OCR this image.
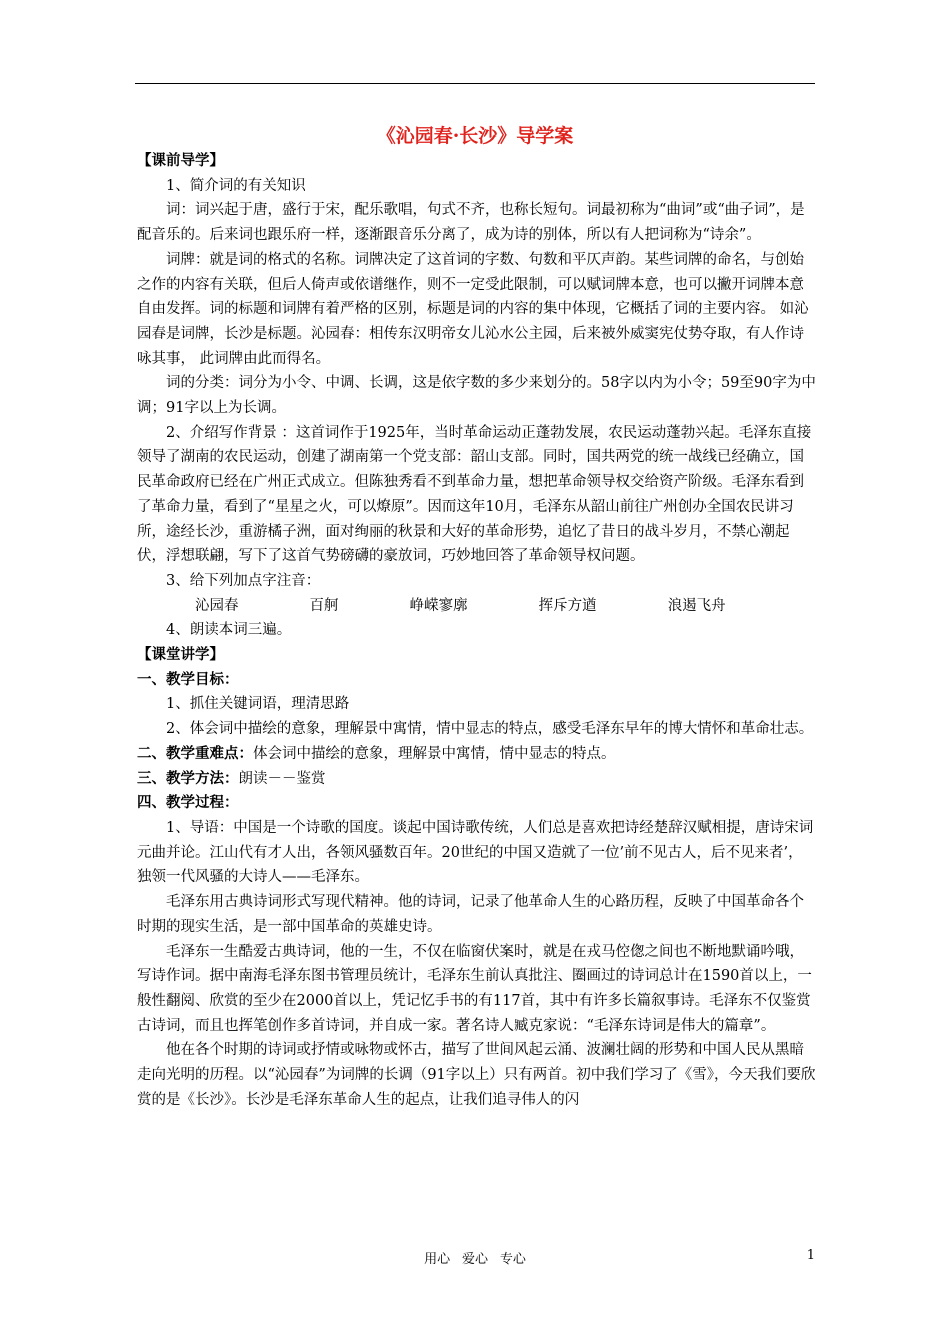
《沁园春·长沙》导学案

【课前导学】

1、简介词的有关知识

词：词兴起于唐，盛行于宋，配乐歌唱，句式不齐，也称长短句。词最初称为“曲词”或“曲子词”，是配音乐的。后来词也跟乐府一样，逐渐跟音乐分离了，成为诗的别体，所以有人把词称为“诗余”。

词牌：就是词的格式的名称。词牌决定了这首词的字数、句数和平仄声韵。某些词牌的命名，与创始之作的内容有关联，但后人倚声或依谱继作，则不一定受此限制，可以赋词牌本意，也可以撇开词牌本意自由发挥。词的标题和词牌有着严格的区别，标题是词的内容的集中体现，它概括了词的主要内容。 如沁园春是词牌，长沙是标题。沁园春：相传东汉明帝女儿沁水公主园，后来被外威窦宪仗势夺取，有人作诗咏其事， 此词牌由此而得名。

词的分类：词分为小令、中调、长调，这是依字数的多少来划分的。58字以内为小令；59至90字为中调；91字以上为长调。

2、介绍写作背景 ：这首词作于1925年，当时革命运动正蓬勃发展，农民运动蓬勃兴起。毛泽东直接领导了湖南的农民运动，创建了湖南第一个党支部：韶山支部。同时，国共两党的统一战线已经确立，国民革命政府已经在广州正式成立。但陈独秀看不到革命力量，想把革命领导权交给资产阶级。毛泽东看到了革命力量，看到了“星星之火，可以燎原”。因而这年10月，毛泽东从韶山前往广州创办全国农民讲习所，途经长沙，重游橘子洲，面对绚丽的秋景和大好的革命形势，追忆了昔日的战斗岁月，不禁心潮起伏，浮想联翩，写下了这首气势磅礴的豪放词，巧妙地回答了革命领导权问题。

3、给下列加点字注音：

沁园春	百舸	峥嵘寥廓	挥斥方遒	浪遏飞舟

4、朗读本词三遍。

【课堂讲学】

一、教学目标：

1、抓住关键词语，理清思路

2、体会词中描绘的意象，理解景中寓情，情中显志的特点，感受毛泽东早年的博大情怀和革命壮志。

二、教学重难点：体会词中描绘的意象，理解景中寓情，情中显志的特点。

三、教学方法：朗读－－鉴赏

四、教学过程：

1、导语：中国是一个诗歌的国度。谈起中国诗歌传统，人们总是喜欢把诗经楚辞汉赋相提，唐诗宋词元曲并论。江山代有才人出，各领风骚数百年。20世纪的中国又造就了一位’前不见古人，后不见来者’，独领一代风骚的大诗人——毛泽东。

毛泽东用古典诗词形式写现代精神。他的诗词，记录了他革命人生的心路历程，反映了中国革命各个时期的现实生活，是一部中国革命的英雄史诗。

毛泽东一生酷爱古典诗词，他的一生，不仅在临窗伏案时，就是在戎马倥偬之间也不断地默诵吟哦，写诗作词。据中南海毛泽东图书管理员统计，毛泽东生前认真批注、圈画过的诗词总计在1590首以上，一般性翻阅、欣赏的至少在2000首以上，凭记忆手书的有117首，其中有许多长篇叙事诗。毛泽东不仅鉴赏古诗词，而且也挥笔创作多首诗词，并自成一家。著名诗人臧克家说：“毛泽东诗词是伟大的篇章”。

他在各个时期的诗词或抒情或咏物或怀古，描写了世间风起云涌、波澜壮阔的形势和中国人民从黑暗走向光明的历程。以“沁园春”为词牌的长调（91字以上）只有两首。初中我们学习了《雪》，今天我们要欣赏的是《长沙》。长沙是毛泽东革命人生的起点，让我们追寻伟人的闪

用心 爱心 专心	1
